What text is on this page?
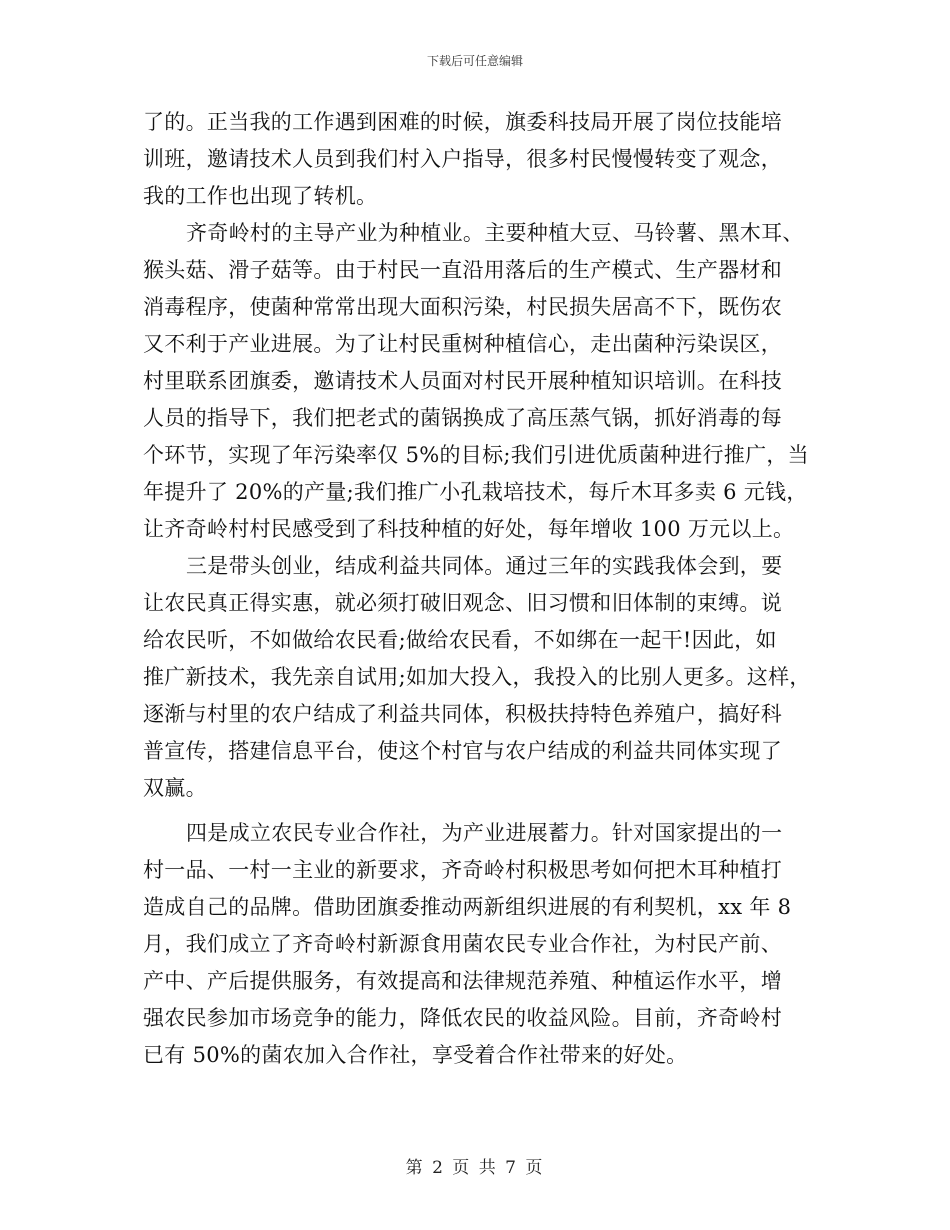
下载后可任意编辑
了的。正当我的工作遇到困难的时候，旗委科技局开展了岗位技能培
训班，邀请技术人员到我们村入户指导，很多村民慢慢转变了观念，
我的工作也出现了转机。
齐奇岭村的主导产业为种植业。主要种植大豆、马铃薯、黑木耳、
猴头菇、滑子菇等。由于村民一直沿用落后的生产模式、生产器材和
消毒程序，使菌种常常出现大面积污染，村民损失居高不下，既伤农
又不利于产业进展。为了让村民重树种植信心，走出菌种污染误区，
村里联系团旗委，邀请技术人员面对村民开展种植知识培训。在科技
人员的指导下，我们把老式的菌锅换成了高压蒸气锅，抓好消毒的每
个环节，实现了年污染率仅 5%的目标;我们引进优质菌种进行推广，当
年提升了 20%的产量;我们推广小孔栽培技术，每斤木耳多卖 6 元钱，
让齐奇岭村村民感受到了科技种植的好处，每年增收 100 万元以上。
三是带头创业，结成利益共同体。通过三年的实践我体会到，要
让农民真正得实惠，就必须打破旧观念、旧习惯和旧体制的束缚。说
给农民听，不如做给农民看;做给农民看，不如绑在一起干!因此，如
推广新技术，我先亲自试用;如加大投入，我投入的比别人更多。这样，
逐渐与村里的农户结成了利益共同体，积极扶持特色养殖户，搞好科
普宣传，搭建信息平台，使这个村官与农户结成的利益共同体实现了
双赢。
四是成立农民专业合作社，为产业进展蓄力。针对国家提出的一
村一品、一村一主业的新要求，齐奇岭村积极思考如何把木耳种植打
造成自己的品牌。借助团旗委推动两新组织进展的有利契机，xx 年 8
月，我们成立了齐奇岭村新源食用菌农民专业合作社，为村民产前、
产中、产后提供服务，有效提高和法律规范养殖、种植运作水平，增
强农民参加市场竞争的能力，降低农民的收益风险。目前，齐奇岭村
已有 50%的菌农加入合作社，享受着合作社带来的好处。
第 2 页 共 7 页
